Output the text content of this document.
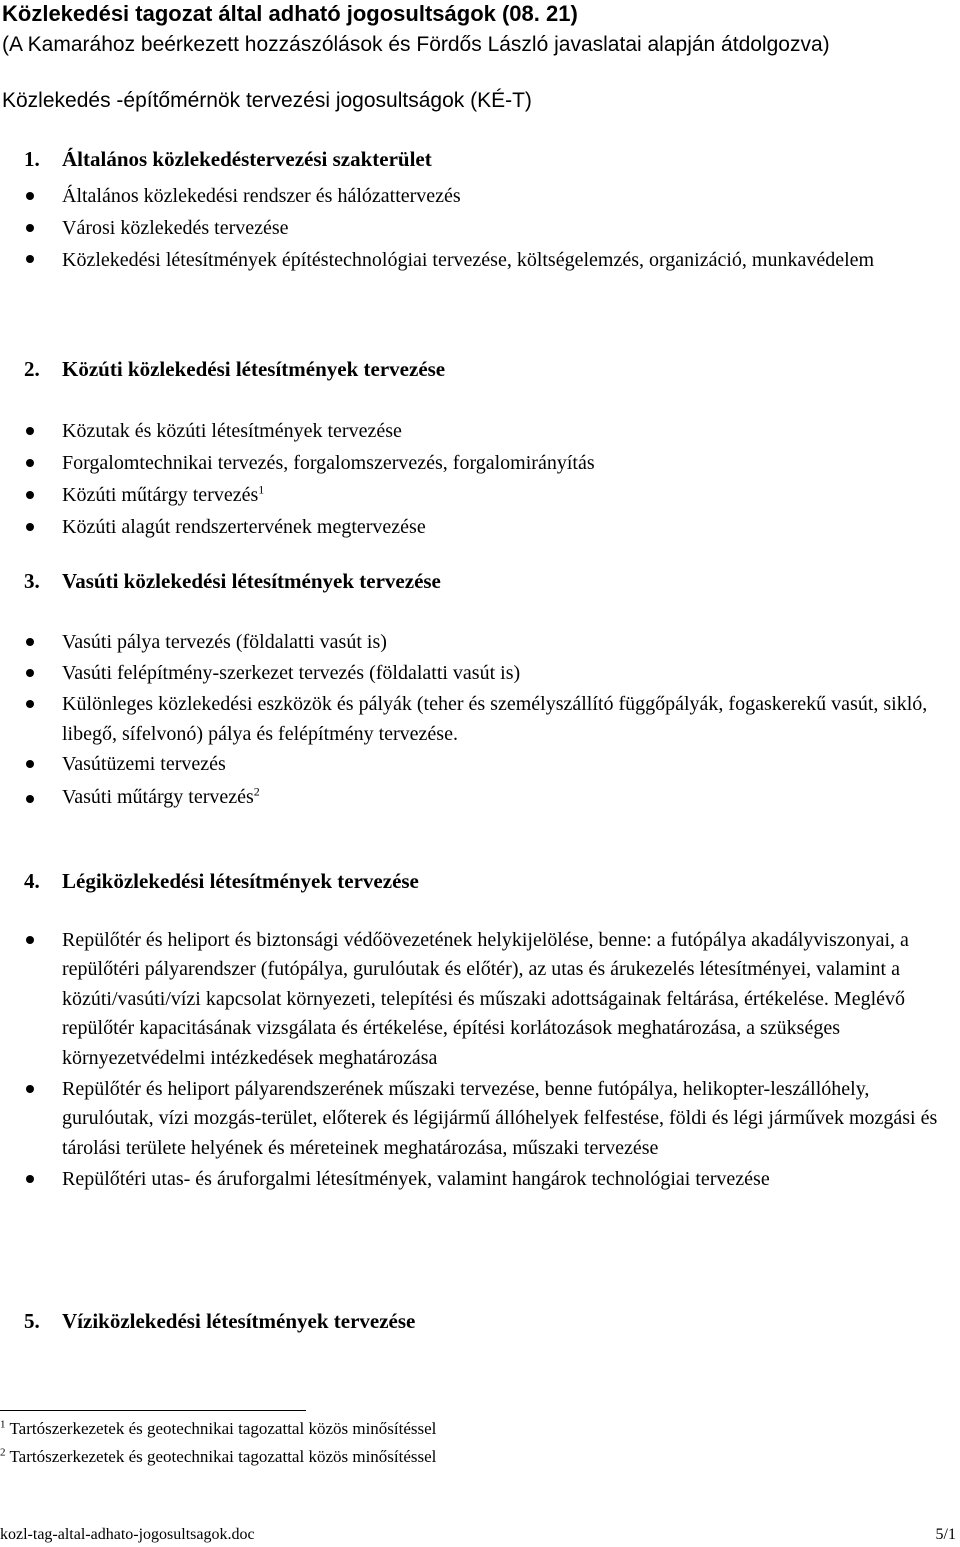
Közlekedési tagozat által adható jogosultságok (08. 21)
(A Kamarához beérkezett hozzászólások és Fördős László javaslatai alapján átdolgozva)
Közlekedés -építőmérnök tervezési jogosultságok (KÉ-T)
1. Általános közlekedéstervezési szakterület
Általános közlekedési rendszer és hálózattervezés
Városi közlekedés tervezése
Közlekedési létesítmények építéstechnológiai tervezése, költségelemzés, organizáció, munkavédelem
2. Közúti közlekedési létesítmények tervezése
Közutak és közúti létesítmények tervezése
Forgalomtechnikai tervezés, forgalomszervezés, forgalomirányítás
Közúti műtárgy tervezés$^1$
Közúti alagút rendszertervének megtervezése
3. Vasúti közlekedési létesítmények tervezése
Vasúti pálya tervezés (földalatti vasút is)
Vasúti felépítmény-szerkezet tervezés (földalatti vasút is)
Különleges közlekedési eszközök és pályák (teher és személyszállító függőpályák, fogaskerekű vasút, sikló, libegő, sífelvonó) pálya és felépítmény tervezése.
Vasútüzemi tervezés
Vasúti műtárgy tervezés$^2$
4. Légiközlekedési létesítmények tervezése
Repülőtér és heliport és biztonsági védőövezetének helykijelölése, benne: a futópálya akadályviszonyai, a repülőtéri pályarendszer (futópálya, gurulóutak és előtér), az utas és árukezelés létesítményei, valamint a közúti/vasúti/vízi kapcsolat környezeti, telepítési és műszaki adottságainak feltárása, értékelése. Meglévő repülőtér kapacitásának vizsgálata és értékelése, építési korlátozások meghatározása, a szükséges környezetvédelmi intézkedések meghatározása
Repülőtér és heliport pályarendszerének műszaki tervezése, benne futópálya, helikopter-leszállóhely, gurulóutak, vízi mozgás-terület, előterek és légijármű állóhelyek felfestése, földi és légi járművek mozgási és tárolási területe helyének és méreteinek meghatározása, műszaki tervezése
Repülőtéri utas- és áruforgalmi létesítmények, valamint hangárok technológiai tervezése
5. Víziközlekedési létesítmények tervezése
$^1$ Tartószerkezetek és geotechnikai tagozattal közös minősítéssel
$^2$ Tartószerkezetek és geotechnikai tagozattal közös minősítéssel
kozl-tag-altal-adhato-jogosultsagok.doc	5/1
